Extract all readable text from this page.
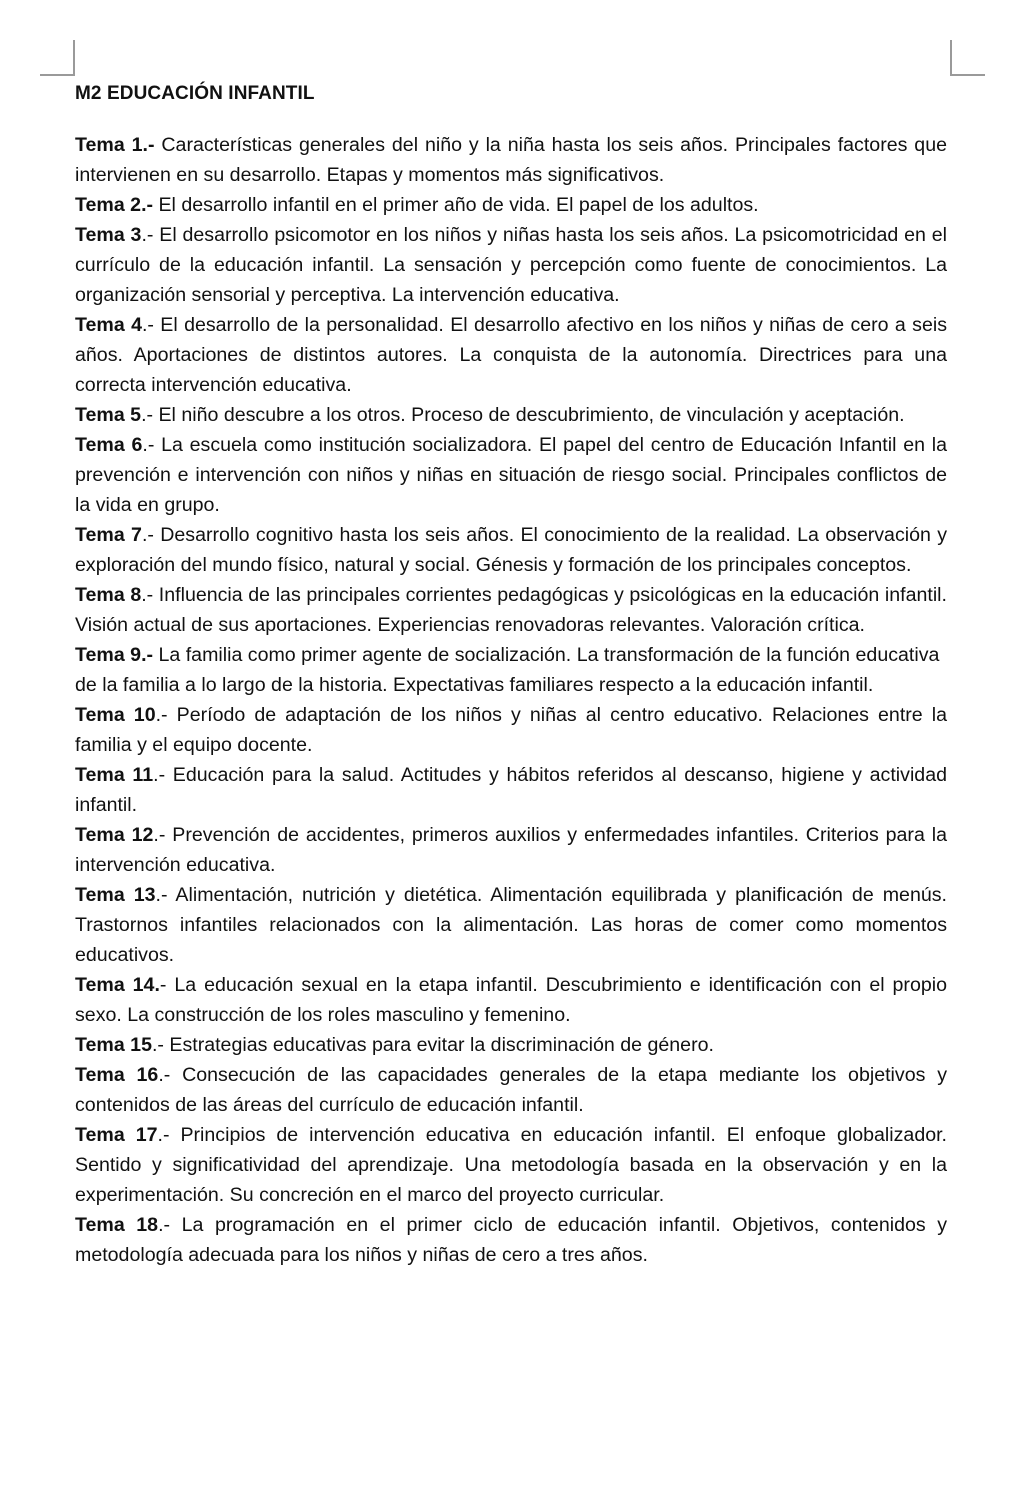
M2 EDUCACIÓN INFANTIL

Tema 1.- Características generales del niño y la niña hasta los seis años. Principales factores que intervienen en su desarrollo. Etapas y momentos más significativos.

Tema 2.- El desarrollo infantil en el primer año de vida. El papel de los adultos.

Tema 3.- El desarrollo psicomotor en los niños y niñas hasta los seis años. La psicomotricidad en el currículo de la educación infantil. La sensación y percepción como fuente de conocimientos. La organización sensorial y perceptiva. La intervención educativa.

Tema 4.- El desarrollo de la personalidad. El desarrollo afectivo en los niños y niñas de cero a seis años. Aportaciones de distintos autores. La conquista de la autonomía. Directrices para una correcta intervención educativa.

Tema 5.- El niño descubre a los otros. Proceso de descubrimiento, de vinculación y aceptación.

Tema 6.- La escuela como institución socializadora. El papel del centro de Educación Infantil en la prevención e intervención con niños y niñas en situación de riesgo social. Principales conflictos de la vida en grupo.

Tema 7.- Desarrollo cognitivo hasta los seis años. El conocimiento de la realidad. La observación y exploración del mundo físico, natural y social. Génesis y formación de los principales conceptos.

Tema 8.- Influencia de las principales corrientes pedagógicas y psicológicas en la educación infantil. Visión actual de sus aportaciones. Experiencias renovadoras relevantes. Valoración crítica.

Tema 9.- La familia como primer agente de socialización. La transformación de la función educativa

de la familia a lo largo de la historia. Expectativas familiares respecto a la educación infantil.

Tema 10.- Período de adaptación de los niños y niñas al centro educativo. Relaciones entre la familia y el equipo docente.

Tema 11.- Educación para la salud. Actitudes y hábitos referidos al descanso, higiene y actividad infantil.

Tema 12.- Prevención de accidentes, primeros auxilios y enfermedades infantiles. Criterios para la intervención educativa.

Tema 13.- Alimentación, nutrición y dietética. Alimentación equilibrada y planificación de menús. Trastornos infantiles relacionados con la alimentación. Las horas de comer como momentos educativos.

Tema 14.- La educación sexual en la etapa infantil. Descubrimiento e identificación con el propio sexo. La construcción de los roles masculino y femenino.

Tema 15.- Estrategias educativas para evitar la discriminación de género.

Tema 16.- Consecución de las capacidades generales de la etapa mediante los objetivos y contenidos de las áreas del currículo de educación infantil.

Tema 17.- Principios de intervención educativa en educación infantil. El enfoque globalizador. Sentido y significatividad del aprendizaje. Una metodología basada en la observación y en la experimentación. Su concreción en el marco del proyecto curricular.

Tema 18.- La programación en el primer ciclo de educación infantil. Objetivos, contenidos y metodología adecuada para los niños y niñas de cero a tres años.
